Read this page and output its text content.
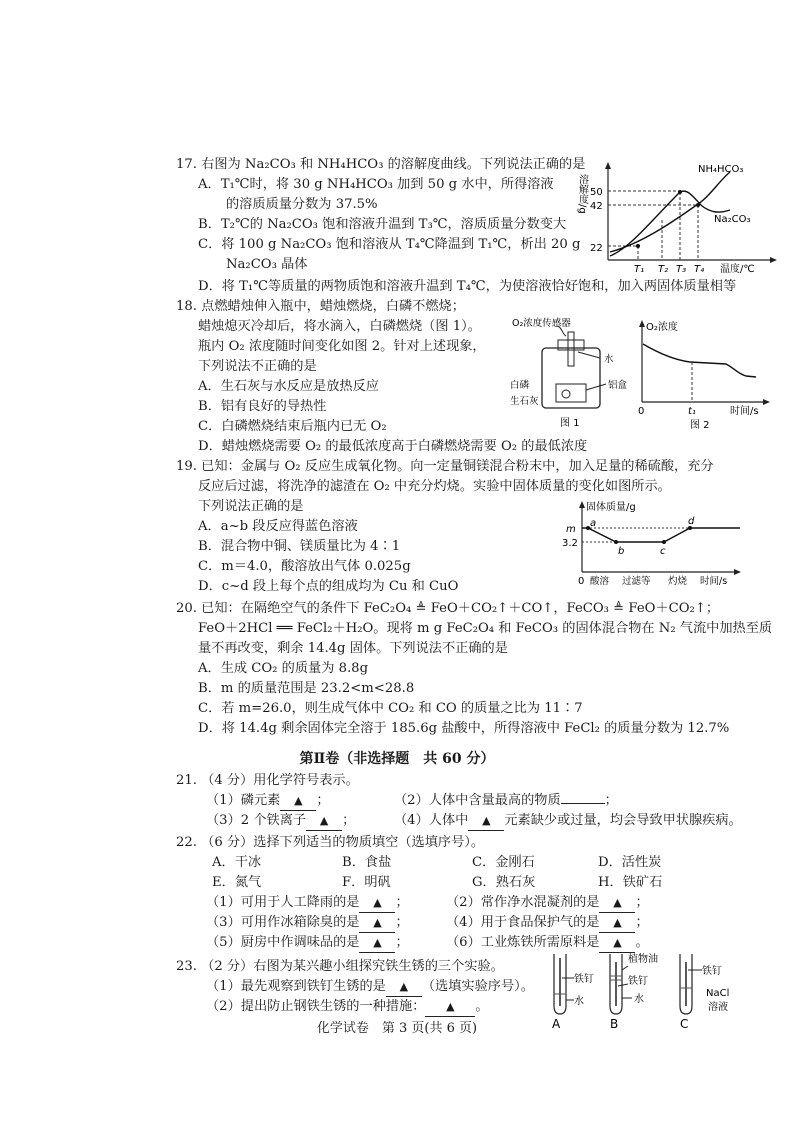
17. 右图为 Na₂CO₃ 和 NH₄HCO₃ 的溶解度曲线。下列说法正确的是
A．T₁℃时，将 30 g NH₄HCO₃ 加到 50 g 水中，所得溶液
的溶质质量分数为 37.5%
B．T₂℃的 Na₂CO₃ 饱和溶液升温到 T₃℃，溶质质量分数变大
C．将 100 g Na₂CO₃ 饱和溶液从 T₄℃降温到 T₁℃，析出 20 g
Na₂CO₃ 晶体
D．将 T₁℃等质量的两物质饱和溶液升温到 T₄℃，为使溶液恰好饱和，加入两固体质量相等
溶解度/g 50
42
22
T₁ T₂ T₃ T₄ 温度/℃
NH₄HCO₃
Na₂CO₃
18. 点燃蜡烛伸入瓶中，蜡烛燃烧，白磷不燃烧；
蜡烛熄灭冷却后，将水滴入，白磷燃烧（图 1）。
瓶内 O₂ 浓度随时间变化如图 2。针对上述现象，
下列说法不正确的是
A．生石灰与水反应是放热反应
B．铝有良好的导热性
C．白磷燃烧结束后瓶内已无 O₂
D．蜡烛燃烧需要 O₂ 的最低浓度高于白磷燃烧需要 O₂ 的最低浓度
O₂浓度传感器
水
铝盒
白磷
生石灰
图 1
O₂浓度
0	t₁	时间/s
图 2
19. 已知：金属与 O₂ 反应生成氧化物。向一定量铜镁混合粉末中，加入足量的稀硫酸，充分
反应后过滤，将洗净的滤渣在 O₂ 中充分灼烧。实验中固体质量的变化如图所示。
下列说法正确的是
A．a~b 段反应得蓝色溶液
B．混合物中铜、镁质量比为 4∶1
C．m＝4.0，酸溶放出气体 0.025g
D．c~d 段上每个点的组成均为 Cu 和 CuO
固体质量/g
m
3.2
a
b	c
d
0 酸溶 过滤等 灼烧 时间/s
20. 已知：在隔绝空气的条件下 FeC₂O₄ ≜ FeO＋CO₂↑＋CO↑，FeCO₃ ≜ FeO＋CO₂↑；
FeO＋2HCl ══ FeCl₂＋H₂O。现将 m g FeC₂O₄ 和 FeCO₃ 的固体混合物在 N₂ 气流中加热至质
量不再改变，剩余 14.4g 固体。下列说法不正确的是
A．生成 CO₂ 的质量为 8.8g
B．m 的质量范围是 23.2<m<28.8
C．若 m=26.0，则生成气体中 CO₂ 和 CO 的质量之比为 11∶7
D．将 14.4g 剩余固体完全溶于 185.6g 盐酸中，所得溶液中 FeCl₂ 的质量分数为 12.7%
第Ⅱ卷（非选择题　共 60 分）
21. （4 分）用化学符号表示。
（1）磷元素 ▲ ；	（2）人体中含量最高的物质	；
（3）2 个铁离子 ▲ ；	（4）人体中 ▲ 元素缺少或过量，均会导致甲状腺疾病。
22. （6 分）选择下列适当的物质填空（选填序号）。
A．干冰	B．食盐	C．金刚石	D．活性炭
E．氮气	F．明矾	G．熟石灰	H．铁矿石
（1）可用于人工降雨的是 ▲ ；	（2）常作净水混凝剂的是 ▲ ；
（3）可用作冰箱除臭的是 ▲ ；	（4）用于食品保护气的是 ▲ ；
（5）厨房中作调味品的是 ▲ ；	（6）工业炼铁所需原料是 ▲ 。
23. （2 分）右图为某兴趣小组探究铁生锈的三个实验。
（1）最先观察到铁钉生锈的是 ▲ （选填实验序号）。
（2）提出防止钢铁生锈的一种措施： ▲ 。
铁钉
水
A
植物油
铁钉
水
B
铁钉
NaCl
溶液
C
化学试卷　第 3 页(共 6 页)
